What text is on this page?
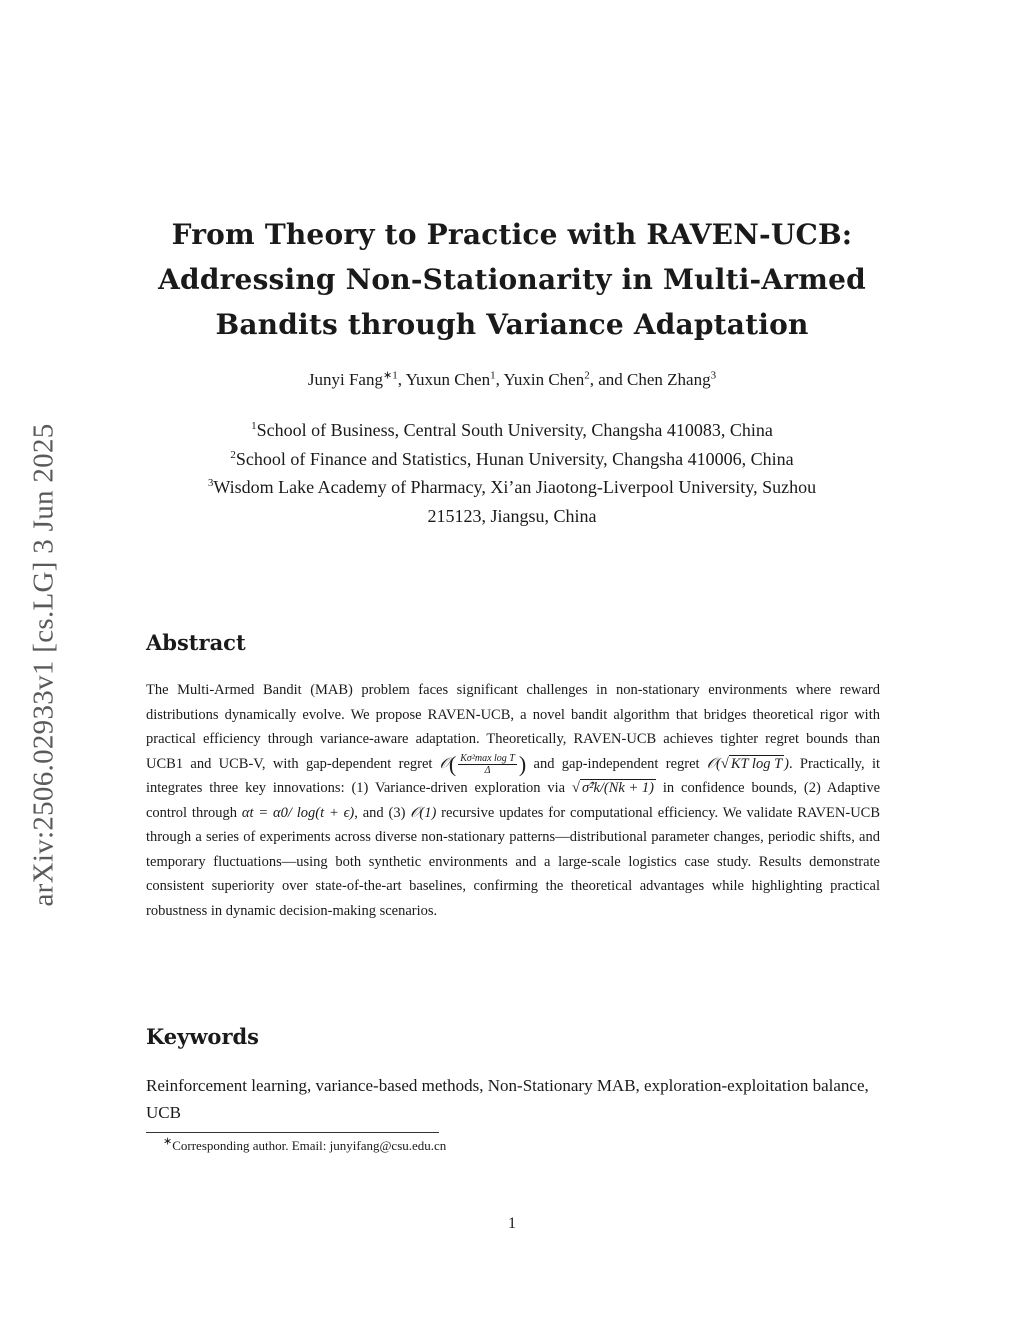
arXiv:2506.02933v1 [cs.LG] 3 Jun 2025
From Theory to Practice with RAVEN-UCB:
Addressing Non-Stationarity in Multi-Armed
Bandits through Variance Adaptation
Junyi Fang$^{∗1}$, Yuxun Chen$^1$, Yuxin Chen$^2$, and Chen Zhang$^3$
$^1$School of Business, Central South University, Changsha 410083, China
$^2$School of Finance and Statistics, Hunan University, Changsha 410006, China
$^3$Wisdom Lake Academy of Pharmacy, Xi’an Jiaotong-Liverpool University, Suzhou
215123, Jiangsu, China
Abstract

The Multi-Armed Bandit (MAB) problem faces significant challenges in non-stationary environments where reward distributions dynamically evolve. We propose RAVEN-UCB, a novel bandit algorithm that bridges theoretical rigor with practical efficiency through variance-aware adaptation. Theoretically, RAVEN-UCB achieves tighter regret bounds than UCB1 and UCB-V, with gap-dependent regret 𝒪( $\frac{\text{Kσ²max log T}}{\Delta}$ ) and gap-independent regret 𝒪(√ KT log T ). Practically, it integrates three key innovations: (1) Variance-driven exploration via √ σ̂²k/(Nk + 1) in confidence bounds, (2) Adaptive control through αt = α0/ log(t + ϵ), and (3) 𝒪(1) recursive updates for computational efficiency. We validate RAVEN-UCB through a series of experiments across diverse non-stationary patterns—distributional parameter changes, periodic shifts, and temporary fluctuations—using both synthetic environments and a large-scale logistics case study. Results demonstrate consistent superiority over state-of-the-art baselines, confirming the theoretical advantages while highlighting practical robustness in dynamic decision-making scenarios.

Keywords
Reinforcement learning, variance-based methods, Non-Stationary MAB, exploration-exploitation balance, UCB
∗Corresponding author. Email: junyifang@csu.edu.cn
1
